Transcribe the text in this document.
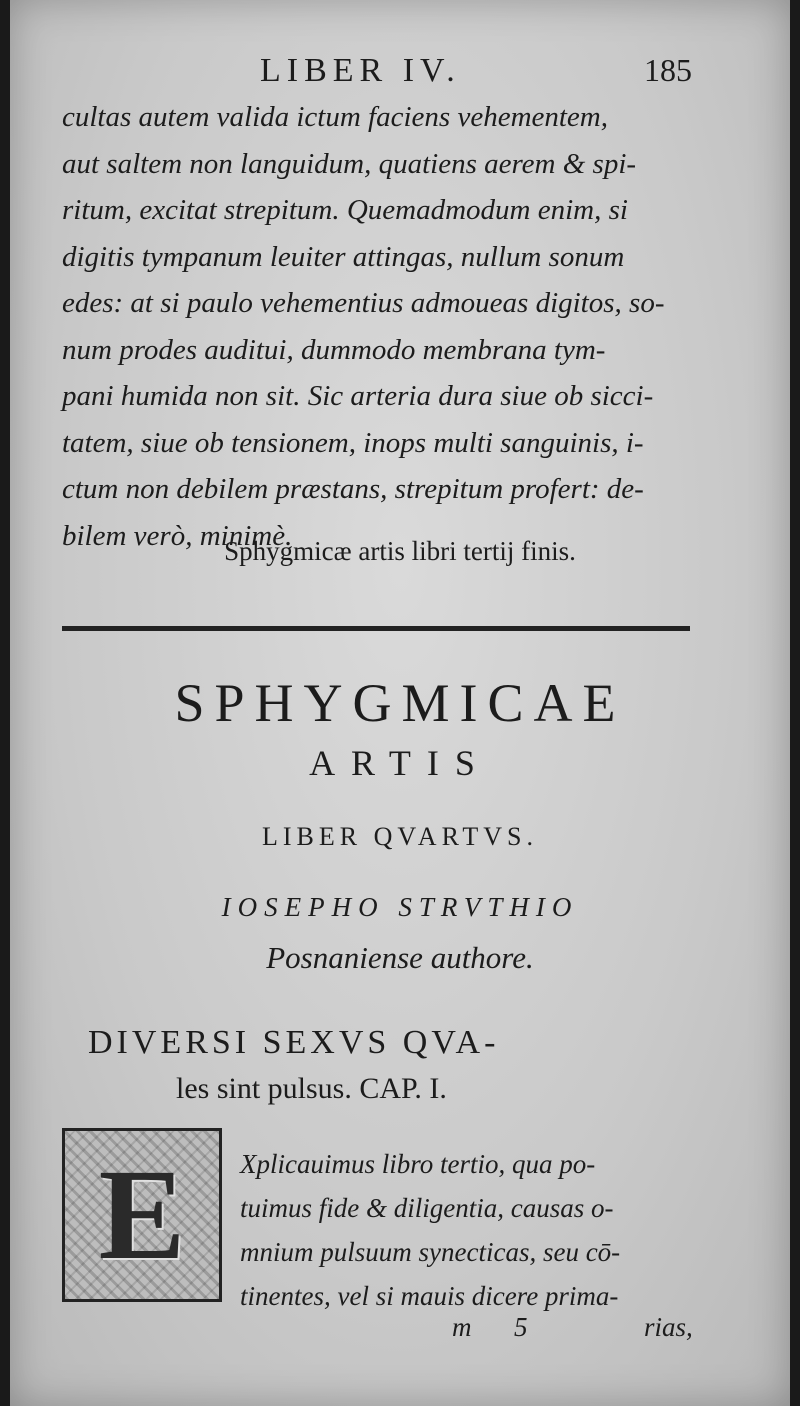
LIBER IV.	185
cultas autem valida ictum faciens vehementem,
aut saltem non languidum, quatiens aerem & spi-
ritum, excitat strepitum. Quemadmodum enim, si
digitis tympanum leuiter attingas, nullum sonum
edes: at si paulo vehementius admoueas digitos, so-
num prodes auditui, dummodo membrana tym-
pani humida non sit. Sic arteria dura siue ob sicci-
tatem, siue ob tensionem, inops multi sanguinis, i-
ctum non debilem præstans, strepitum profert: de-
bilem verò, minimè.
Sphygmicæ artis libri tertij finis.
SPHYGMICAE
ARTIS
LIBER QVARTVS.
IOSEPHO STRVTHIO
Posnaniense authore.
DIVERSI SEXVS QVA-
les sint pulsus. CAP. I.
E Xplicauimus libro tertio, qua po-
tuimus fide & diligentia, causas o-
mnium pulsuum synecticas, seu cō-
tinentes, vel si mauis dicere prima-
m 5	rias,
